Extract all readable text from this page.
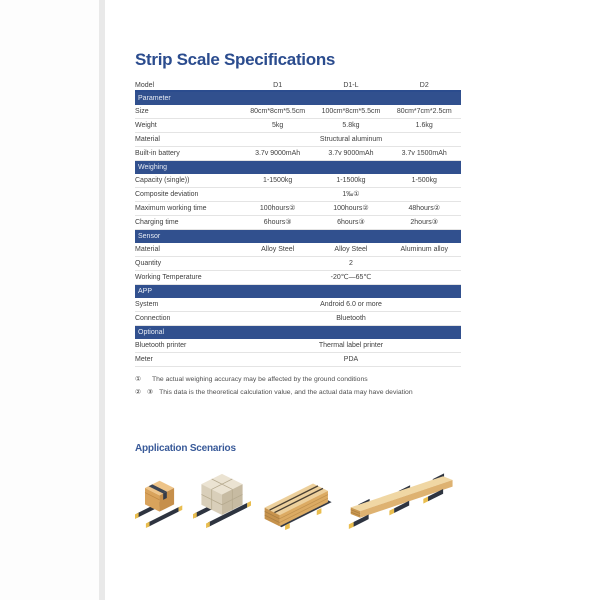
Strip Scale Specifications
Model	D1	D1-L	D2
Parameter
Size	80cm*8cm*5.5cm	100cm*8cm*5.5cm	80cm*7cm*2.5cm
Weight	5kg	5.8kg	1.6kg
Material	Structural aluminum
Built-in battery	3.7v 9000mAh	3.7v 9000mAh	3.7v 1500mAh
Weighing
Capacity (single))	1-1500kg	1-1500kg	1-500kg
Composite deviation	1‰①
Maximum working time	100hours②	100hours②	48hours②
Charging time	6hours③	6hours③	2hours③
Sensor
Material	Alloy Steel	Alloy Steel	Aluminum alloy
Quantity	2
Working Temperature	-20℃—65℃
APP
System	Android 6.0 or more
Connection	Bluetooth
Optional
Bluetooth printer	Thermal label printer
Meter	PDA
①	The actual weighing accuracy may be affected by the ground conditions
② ③ This data is the theoretical calculation value, and the actual data may have deviation
Application Scenarios
